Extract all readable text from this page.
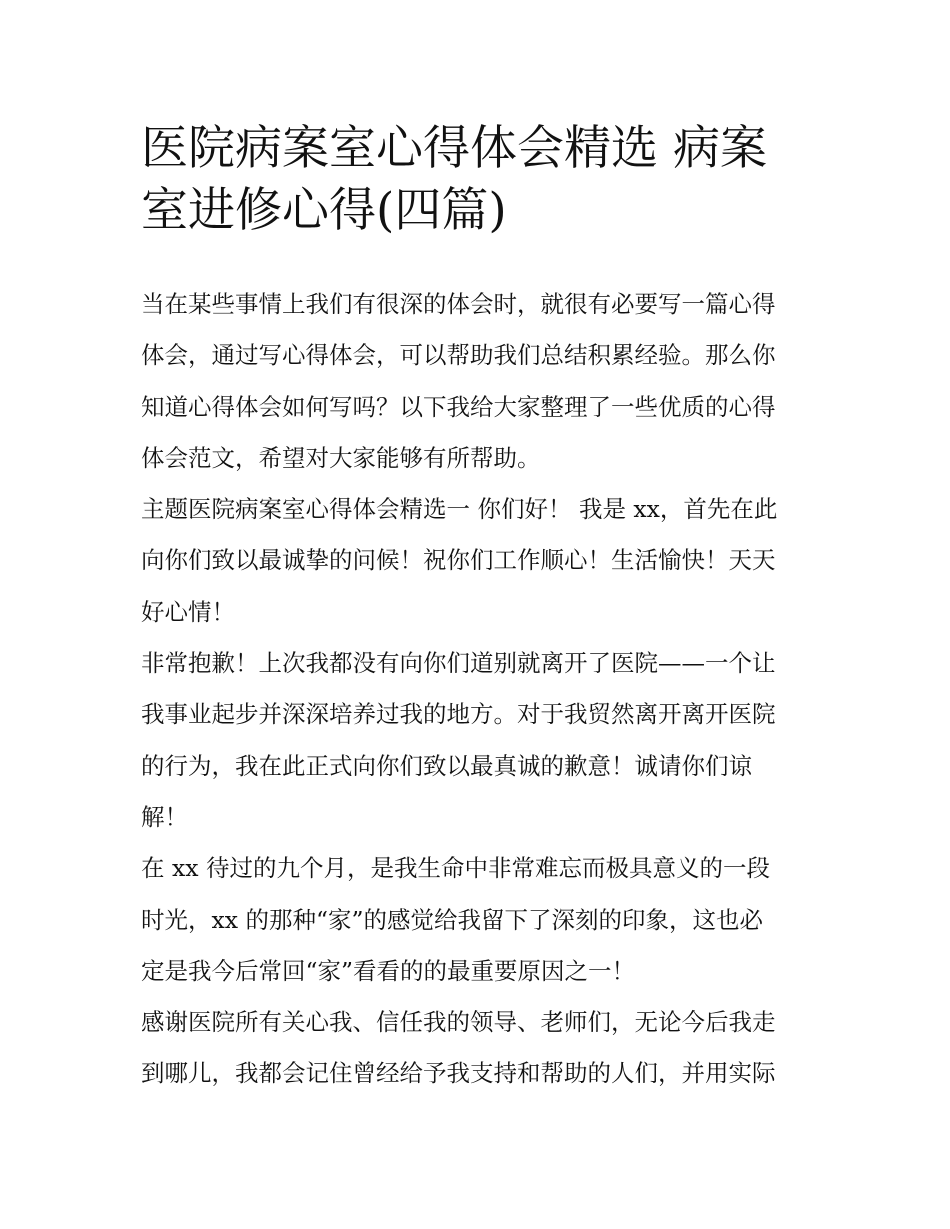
医院病案室心得体会精选 病案
室进修心得(四篇)

当在某些事情上我们有很深的体会时，就很有必要写一篇心得
体会，通过写心得体会，可以帮助我们总结积累经验。那么你
知道心得体会如何写吗？以下我给大家整理了一些优质的心得
体会范文，希望对大家能够有所帮助。

主题医院病案室心得体会精选一 你们好！ 我是 xx，首先在此
向你们致以最诚挚的问候！祝你们工作顺心！生活愉快！天天
好心情！

非常抱歉！上次我都没有向你们道别就离开了医院——一个让
我事业起步并深深培养过我的地方。对于我贸然离开离开医院
的行为，我在此正式向你们致以最真诚的歉意！诚请你们谅
解！

在 xx 待过的九个月，是我生命中非常难忘而极具意义的一段
时光，xx 的那种“家”的感觉给我留下了深刻的印象，这也必
定是我今后常回“家”看看的的最重要原因之一！

感谢医院所有关心我、信任我的领导、老师们，无论今后我走
到哪儿，我都会记住曾经给予我支持和帮助的人们，并用实际
